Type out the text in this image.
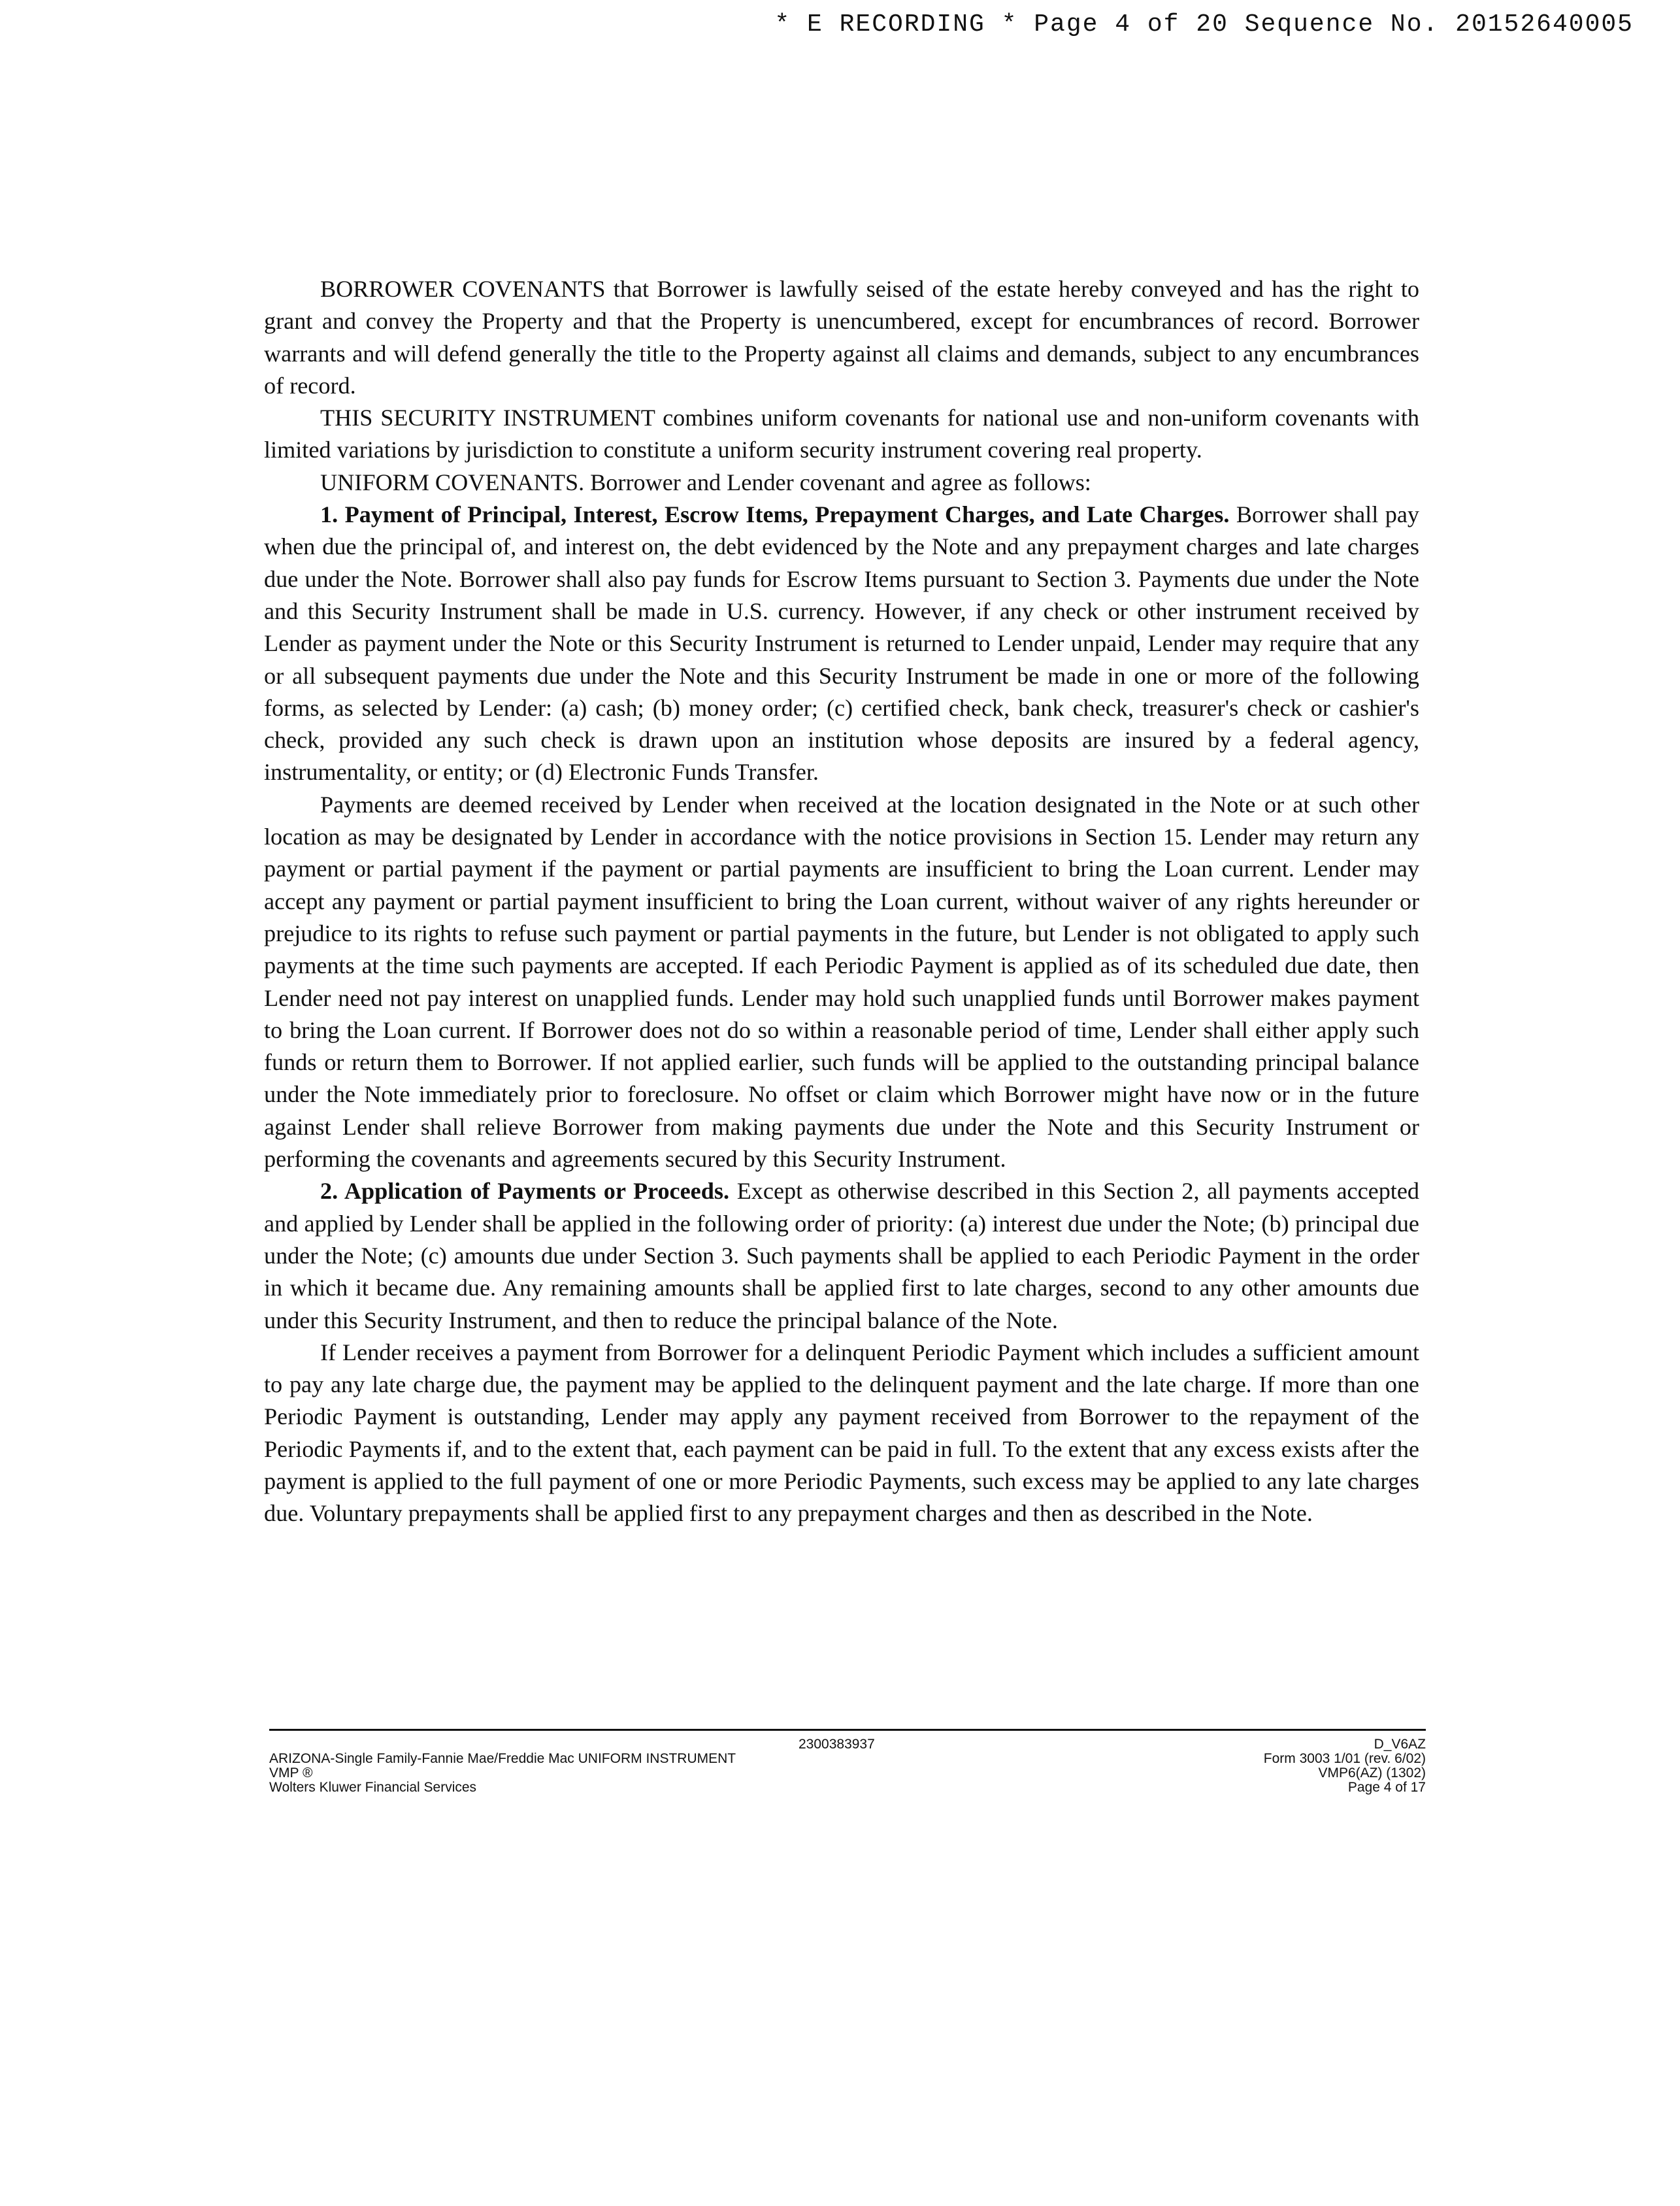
* E RECORDING * Page 4 of 20 Sequence No. 20152640005

BORROWER COVENANTS that Borrower is lawfully seised of the estate hereby conveyed and has the right to grant and convey the Property and that the Property is unencumbered, except for encumbrances of record. Borrower warrants and will defend generally the title to the Property against all claims and demands, subject to any encumbrances of record.

THIS SECURITY INSTRUMENT combines uniform covenants for national use and non-uniform covenants with limited variations by jurisdiction to constitute a uniform security instrument covering real property.

UNIFORM COVENANTS. Borrower and Lender covenant and agree as follows:

1. Payment of Principal, Interest, Escrow Items, Prepayment Charges, and Late Charges. Borrower shall pay when due the principal of, and interest on, the debt evidenced by the Note and any prepayment charges and late charges due under the Note. Borrower shall also pay funds for Escrow Items pursuant to Section 3. Payments due under the Note and this Security Instrument shall be made in U.S. currency. However, if any check or other instrument received by Lender as payment under the Note or this Security Instrument is returned to Lender unpaid, Lender may require that any or all subsequent payments due under the Note and this Security Instrument be made in one or more of the following forms, as selected by Lender: (a) cash; (b) money order; (c) certified check, bank check, treasurer's check or cashier's check, provided any such check is drawn upon an institution whose deposits are insured by a federal agency, instrumentality, or entity; or (d) Electronic Funds Transfer.

Payments are deemed received by Lender when received at the location designated in the Note or at such other location as may be designated by Lender in accordance with the notice provisions in Section 15. Lender may return any payment or partial payment if the payment or partial payments are insufficient to bring the Loan current. Lender may accept any payment or partial payment insufficient to bring the Loan current, without waiver of any rights hereunder or prejudice to its rights to refuse such payment or partial payments in the future, but Lender is not obligated to apply such payments at the time such payments are accepted. If each Periodic Payment is applied as of its scheduled due date, then Lender need not pay interest on unapplied funds. Lender may hold such unapplied funds until Borrower makes payment to bring the Loan current. If Borrower does not do so within a reasonable period of time, Lender shall either apply such funds or return them to Borrower. If not applied earlier, such funds will be applied to the outstanding principal balance under the Note immediately prior to foreclosure. No offset or claim which Borrower might have now or in the future against Lender shall relieve Borrower from making payments due under the Note and this Security Instrument or performing the covenants and agreements secured by this Security Instrument.

2. Application of Payments or Proceeds. Except as otherwise described in this Section 2, all payments accepted and applied by Lender shall be applied in the following order of priority: (a) interest due under the Note; (b) principal due under the Note; (c) amounts due under Section 3. Such payments shall be applied to each Periodic Payment in the order in which it became due. Any remaining amounts shall be applied first to late charges, second to any other amounts due under this Security Instrument, and then to reduce the principal balance of the Note.

If Lender receives a payment from Borrower for a delinquent Periodic Payment which includes a sufficient amount to pay any late charge due, the payment may be applied to the delinquent payment and the late charge. If more than one Periodic Payment is outstanding, Lender may apply any payment received from Borrower to the repayment of the Periodic Payments if, and to the extent that, each payment can be paid in full. To the extent that any excess exists after the payment is applied to the full payment of one or more Periodic Payments, such excess may be applied to any late charges due. Voluntary prepayments shall be applied first to any prepayment charges and then as described in the Note.

2300383937
ARIZONA-Single Family-Fannie Mae/Freddie Mac UNIFORM INSTRUMENT
VMP ®
Wolters Kluwer Financial Services
D_V6AZ
Form 3003 1/01 (rev. 6/02)
VMP6(AZ) (1302)
Page 4 of 17
